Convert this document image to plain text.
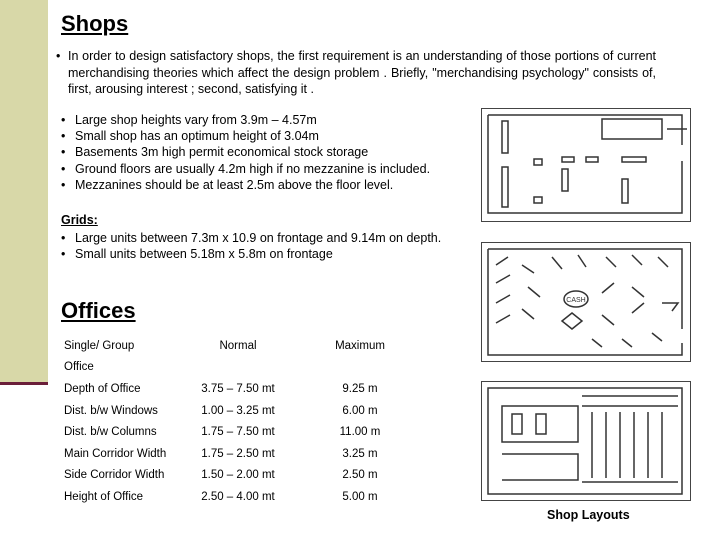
Shops
• In order to design satisfactory shops, the first requirement is an understanding of those portions of current merchandising theories which affect the design problem . Briefly, "merchandising psychology" consists of, first, arousing interest ; second, satisfying it .
• Large shop heights vary from 3.9m – 4.57m
• Small shop has an optimum height of 3.04m
• Basements 3m high permit economical stock storage
• Ground floors are usually 4.2m high if no mezzanine is included.
• Mezzanines should be at least 2.5m above the floor level.
Grids:
• Large units between 7.3m x 10.9 on frontage and 9.14m on depth.
• Small units between 5.18m x 5.8m on frontage
Offices
Single/ Group	Normal	Maximum
Office		
Depth of Office	3.75 – 7.50 mt	9.25 m
Dist. b/w Windows	1.00 – 3.25 mt	6.00 m
Dist. b/w Columns	1.75 – 7.50 mt	11.00 m
Main Corridor Width	1.75 – 2.50 mt	3.25 m
Side Corridor Width	1.50 – 2.00 mt	2.50 m
Height of Office	2.50 – 4.00 mt	5.00 m
CASH
Shop Layouts
